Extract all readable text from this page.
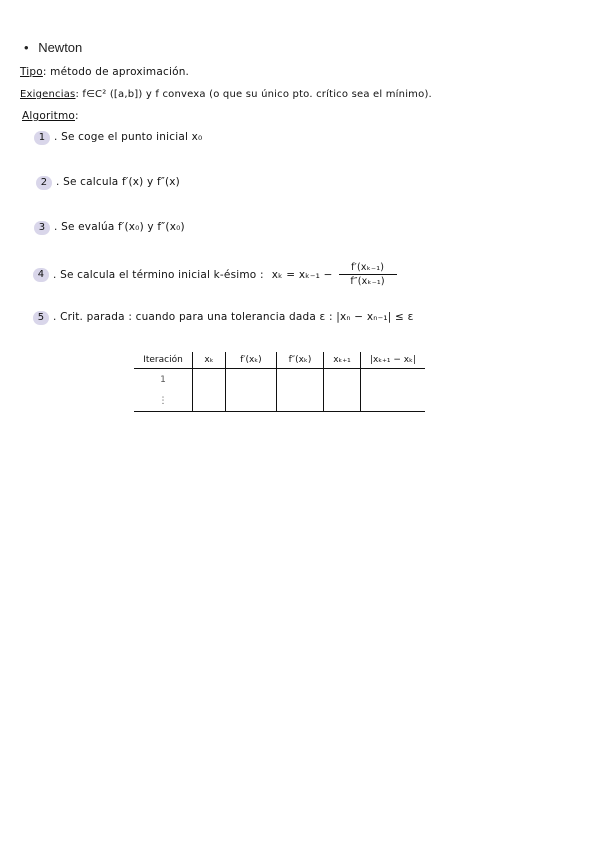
• Newton
Tipo: método de aproximación.
Exigencias: f∈C² ([a,b]) y f convexa (o que su único pto. crítico sea el mínimo).
Algoritmo:
1 . Se coge el punto inicial x₀
2 . Se calcula f′(x) y f″(x)
3 . Se evalúa f′(x₀) y f″(x₀)
4 . Se calcula el término inicial k-ésimo : $x_k = x_{k-1} - \frac{\text{f′(xₖ₋₁)}}{\text{f″(xₖ₋₁)}}$
5 . Crit. parada : cuando para una tolerancia dada ε : |xₙ − xₙ₋₁| ≤ ε
Iteración	xₖ	f′(xₖ)	f″(xₖ)	xₖ₊₁	|xₖ₊₁ − xₖ|
1					
⋮					
